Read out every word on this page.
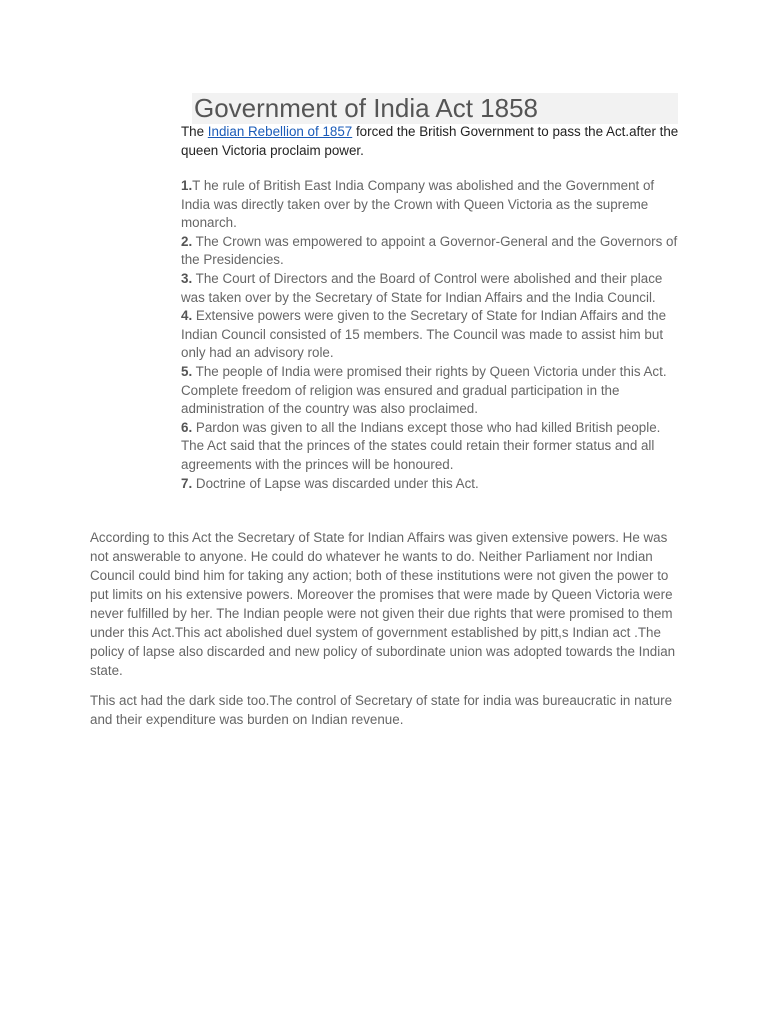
Government of India Act 1858

The Indian Rebellion of 1857 forced the British Government to pass the Act.after the queen Victoria proclaim power.

1.T he rule of British East India Company was abolished and the Government of India was directly taken over by the Crown with Queen Victoria as the supreme monarch.

2. The Crown was empowered to appoint a Governor-General and the Governors of the Presidencies.

3. The Court of Directors and the Board of Control were abolished and their place was taken over by the Secretary of State for Indian Affairs and the India Council.

4. Extensive powers were given to the Secretary of State for Indian Affairs and the Indian Council consisted of 15 members. The Council was made to assist him but only had an advisory role.

5. The people of India were promised their rights by Queen Victoria under this Act.

Complete freedom of religion was ensured and gradual participation in the administration of the country was also proclaimed.

6. Pardon was given to all the Indians except those who had killed British people. The Act said that the princes of the states could retain their former status and all agreements with the princes will be honoured.

7. Doctrine of Lapse was discarded under this Act.

According to this Act the Secretary of State for Indian Affairs was given extensive powers. He was not answerable to anyone. He could do whatever he wants to do. Neither Parliament nor Indian Council could bind him for taking any action; both of these institutions were not given the power to put limits on his extensive powers. Moreover the promises that were made by Queen Victoria were never fulfilled by her. The Indian people were not given their due rights that were promised to them under this Act.This act abolished duel system of government established by pitt,s Indian act .The policy of lapse also discarded and new policy of subordinate union was adopted towards the Indian state.

This act had the dark side too.The control of Secretary of state for india was bureaucratic in nature and their expenditure was burden on Indian revenue.
